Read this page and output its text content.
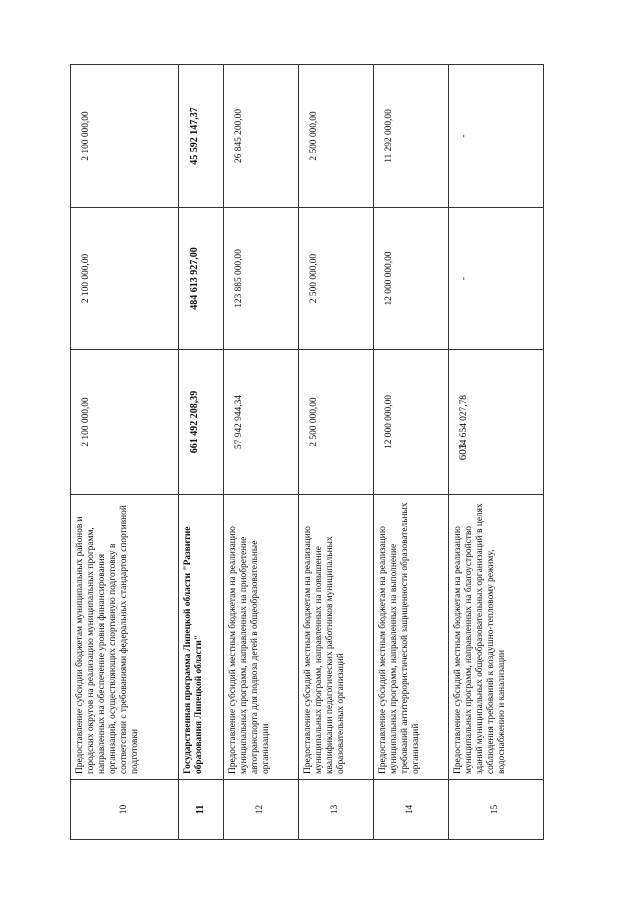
603
10	Предоставление субсидии бюджетам муниципальных районов и городских округов на реализацию муниципальных программ, направленных на обеспечение уровня финансирования организаций, осуществляющих спортивную подготовку в соответствии с требованиями федеральных стандартов спортивной подготовки	2 100 000,00	2 100 000,00	2 100 000,00
11	Государственная программа Липецкой области "Развитие образования Липецкой области"	661 492 208,39	484 613 927,00	45 592 147,37
12	Предоставление субсидий местным бюджетам на реализацию муниципальных программ, направленных на приобретение автотранспорта для подвоза детей в общеобразовательные организации	57 942 944,34	123 885 000,00	26 845 200,00
13	Предоставление субсидий местным бюджетам на реализацию муниципальных программ, направленных на повышение квалификации педагогических работников муниципальных образовательных организаций	2 500 000,00	2 500 000,00	2 500 000,00
14	Предоставление субсидий местным бюджетам на реализацию муниципальных программ, направленных на выполнение требований антитеррористической защищенности образовательных организаций	12 000 000,00	12 000 000,00	11 292 000,00
15	Предоставление субсидий местным бюджетам на реализацию муниципальных программ, направленных на благоустройство зданий муниципальных общеобразовательных организаций в целях соблюдения требований к воздушно-тепловому режиму, водоснабжению и канализации	14 654 027,78	-	-
